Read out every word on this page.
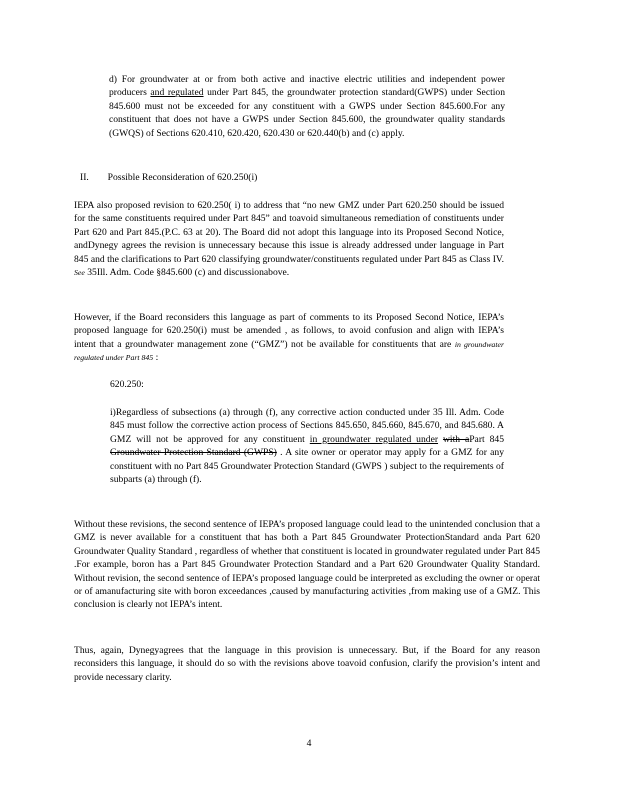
d) For groundwater at or from both active and inactive electric utilities and independent power producers and regulated under Part 845, the groundwater protection standard(GWPS) under Section 845.600 must not be exceeded for any constituent with a GWPS under Section 845.600.For any constituent that does not have a GWPS under Section 845.600, the groundwater quality standards (GWQS) of Sections 620.410, 620.420, 620.430 or 620.440(b) and (c) apply.

II. Possible Reconsideration of 620.250(i)

IEPA also proposed revision to 620.250( i) to address that “no new GMZ under Part 620.250 should be issued for the same constituents required under Part 845” and toavoid simultaneous remediation of constituents under Part 620 and Part 845.(P.C. 63 at 20). The Board did not adopt this language into its Proposed Second Notice, andDynegy agrees the revision is unnecessary because this issue is already addressed under language in Part 845 and the clarifications to Part 620 classifying groundwater/constituents regulated under Part 845 as Class IV. See 35Ill. Adm. Code §845.600 (c) and discussionabove.

However, if the Board reconsiders this language as part of comments to its Proposed Second Notice, IEPA’s proposed language for 620.250(i) must be amended , as follows, to avoid confusion and align with IEPA’s intent that a groundwater management zone (“GMZ”) not be available for constituents that are in groundwater regulated under Part 845 :

620.250:

i)Regardless of subsections (a) through (f), any corrective action conducted under 35 Ill. Adm. Code 845 must follow the corrective action process of Sections 845.650, 845.660, 845.670, and 845.680. A GMZ will not be approved for any constituent in groundwater regulated under with aPart 845 Groundwater Protection Standard (GWPS) . A site owner or operator may apply for a GMZ for any constituent with no Part 845 Groundwater Protection Standard (GWPS ) subject to the requirements of subparts (a) through (f).

Without these revisions, the second sentence of IEPA’s proposed language could lead to the unintended conclusion that a GMZ is never available for a constituent that has both a Part 845 Groundwater ProtectionStandard anda Part 620 Groundwater Quality Standard , regardless of whether that constituent is located in groundwater regulated under Part 845 .For example, boron has a Part 845 Groundwater Protection Standard and a Part 620 Groundwater Quality Standard. Without revision, the second sentence of IEPA’s proposed language could be interpreted as excluding the owner or operat or of amanufacturing site with boron exceedances ,caused by manufacturing activities ,from making use of a GMZ. This conclusion is clearly not IEPA’s intent.

Thus, again, Dynegyagrees that the language in this provision is unnecessary. But, if the Board for any reason reconsiders this language, it should do so with the revisions above toavoid confusion, clarify the provision’s intent and provide necessary clarity.

4
